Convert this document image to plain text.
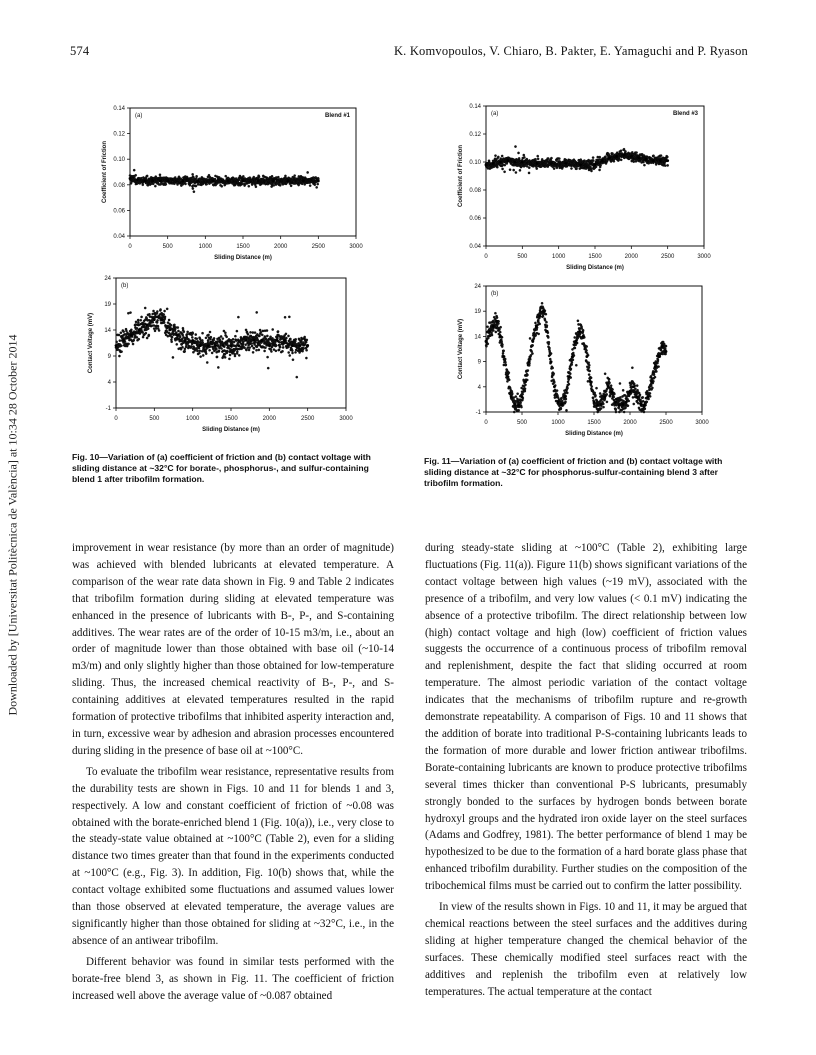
574	K. Komvopoulos, V. Chiaro, B. Pakter, E. Yamaguchi and P. Ryason
Downloaded by [Universitat Politècnica de València] at 10:34 28 October 2014
0	500	1000	1500	2000	2500	3000
0.04
0.06
0.08
0.10
0.12
0.14
Sliding Distance (m)
Coefficient of Friction
(a)	Blend #1
0	500	1000	1500	2000	2500	3000
-1
4
9
14
19
24
Sliding Distance (m)
Contact Voltage (mV)
(b)
0	500	1000	1500	2000	2500	3000
0.04
0.06
0.08
0.10
0.12
0.14
Sliding Distance (m)
Coefficient of Friction
(a)	Blend #3
0	500	1000	1500	2000	2500	3000
-1
4
9
14
19
24
Sliding Distance (m)
Contact Voltage (mV)
(b)
Fig. 10—Variation of (a) coefficient of friction and (b) contact voltage with sliding distance at ~32°C for borate-, phosphorus-, and sulfur-containing blend 1 after tribofilm formation.
Fig. 11—Variation of (a) coefficient of friction and (b) contact voltage with sliding distance at ~32°C for phosphorus-sulfur-containing blend 3 after tribofilm formation.

improvement in wear resistance (by more than an order of magnitude) was achieved with blended lubricants at elevated temperature. A comparison of the wear rate data shown in Fig. 9 and Table 2 indicates that tribofilm formation during sliding at elevated temperature was enhanced in the presence of lubricants with B-, P-, and S-containing additives. The wear rates are of the order of 10-15 m3/m, i.e., about an order of magnitude lower than those obtained with base oil (~10-14 m3/m) and only slightly higher than those obtained for low-temperature sliding. Thus, the increased chemical reactivity of B-, P-, and S-containing additives at elevated temperatures resulted in the rapid formation of protective tribofilms that inhibited asperity interaction and, in turn, excessive wear by adhesion and abrasion processes encountered during sliding in the presence of base oil at ~100°C.

To evaluate the tribofilm wear resistance, representative results from the durability tests are shown in Figs. 10 and 11 for blends 1 and 3, respectively. A low and constant coefficient of friction of ~0.08 was obtained with the borate-enriched blend 1 (Fig. 10(a)), i.e., very close to the steady-state value obtained at ~100°C (Table 2), even for a sliding distance two times greater than that found in the experiments conducted at ~100°C (e.g., Fig. 3). In addition, Fig. 10(b) shows that, while the contact voltage exhibited some fluctuations and assumed values lower than those observed at elevated temperature, the average values are significantly higher than those obtained for sliding at ~32°C, i.e., in the absence of an antiwear tribofilm.

Different behavior was found in similar tests performed with the borate-free blend 3, as shown in Fig. 11. The coefficient of friction increased well above the average value of ~0.087 obtained

during steady-state sliding at ~100°C (Table 2), exhibiting large fluctuations (Fig. 11(a)). Figure 11(b) shows significant variations of the contact voltage between high values (~19 mV), associated with the presence of a tribofilm, and very low values (< 0.1 mV) indicating the absence of a protective tribofilm. The direct relationship between low (high) contact voltage and high (low) coefficient of friction values suggests the occurrence of a continuous process of tribofilm removal and replenishment, despite the fact that sliding occurred at room temperature. The almost periodic variation of the contact voltage indicates that the mechanisms of tribofilm rupture and re-growth demonstrate repeatability. A comparison of Figs. 10 and 11 shows that the addition of borate into traditional P-S-containing lubricants leads to the formation of more durable and lower friction antiwear tribofilms. Borate-containing lubricants are known to produce protective tribofilms several times thicker than conventional P-S lubricants, presumably strongly bonded to the surfaces by hydrogen bonds between borate hydroxyl groups and the hydrated iron oxide layer on the steel surfaces (Adams and Godfrey, 1981). The better performance of blend 1 may be hypothesized to be due to the formation of a hard borate glass phase that enhanced tribofilm durability. Further studies on the composition of the tribochemical films must be carried out to confirm the latter possibility.

In view of the results shown in Figs. 10 and 11, it may be argued that chemical reactions between the steel surfaces and the additives during sliding at higher temperature changed the chemical behavior of the surfaces. These chemically modified steel surfaces react with the additives and replenish the tribofilm even at relatively low temperatures. The actual temperature at the contact
